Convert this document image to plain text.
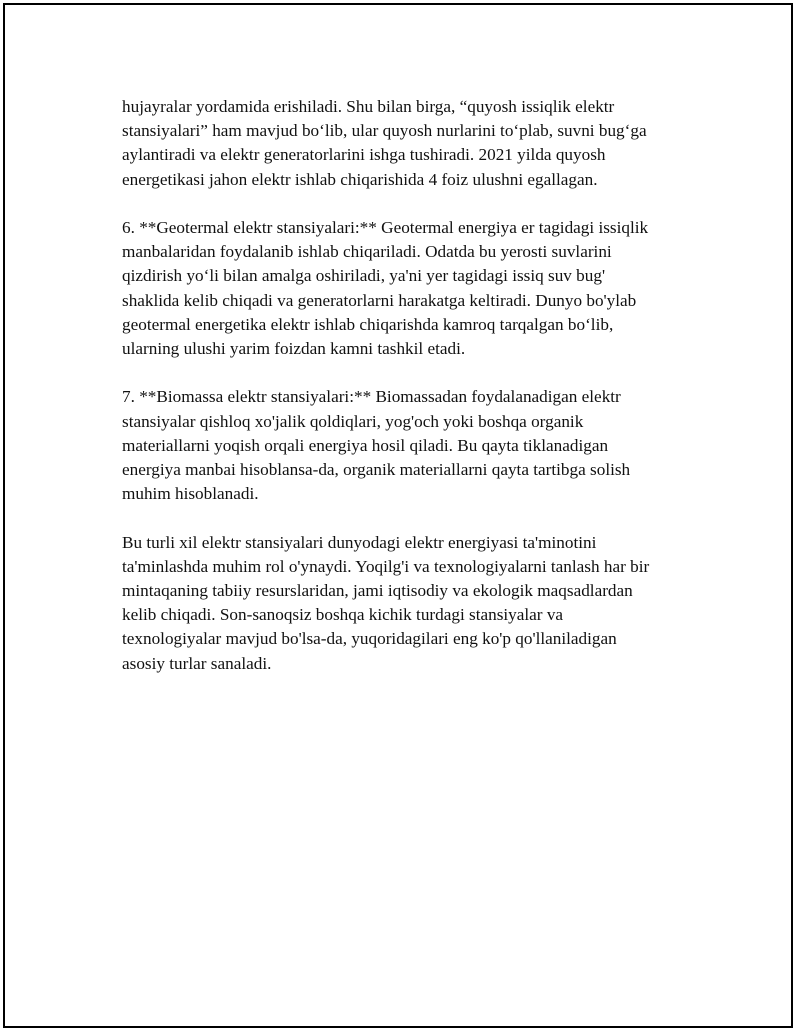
hujayralar yordamida erishiladi. Shu bilan birga, “quyosh issiqlik elektr
stansiyalari” ham mavjud bo‘lib, ular quyosh nurlarini to‘plab, suvni bug‘ga
aylantiradi va elektr generatorlarini ishga tushiradi. 2021 yilda quyosh
energetikasi jahon elektr ishlab chiqarishida 4 foiz ulushni egallagan.

6. **Geotermal elektr stansiyalari:** Geotermal energiya er tagidagi issiqlik
manbalaridan foydalanib ishlab chiqariladi. Odatda bu yerosti suvlarini
qizdirish yo‘li bilan amalga oshiriladi, ya'ni yer tagidagi issiq suv bug'
shaklida kelib chiqadi va generatorlarni harakatga keltiradi. Dunyo bo'ylab
geotermal energetika elektr ishlab chiqarishda kamroq tarqalgan bo‘lib,
ularning ulushi yarim foizdan kamni tashkil etadi.

7. **Biomassa elektr stansiyalari:** Biomassadan foydalanadigan elektr
stansiyalar qishloq xo'jalik qoldiqlari, yog'och yoki boshqa organik
materiallarni yoqish orqali energiya hosil qiladi. Bu qayta tiklanadigan
energiya manbai hisoblansa-da, organik materiallarni qayta tartibga solish
muhim hisoblanadi.

Bu turli xil elektr stansiyalari dunyodagi elektr energiyasi ta'minotini
ta'minlashda muhim rol o'ynaydi. Yoqilg'i va texnologiyalarni tanlash har bir
mintaqaning tabiiy resurslaridan, jami iqtisodiy va ekologik maqsadlardan
kelib chiqadi. Son-sanoqsiz boshqa kichik turdagi stansiyalar va
texnologiyalar mavjud bo'lsa-da, yuqoridagilari eng ko'p qo'llaniladigan
asosiy turlar sanaladi.
